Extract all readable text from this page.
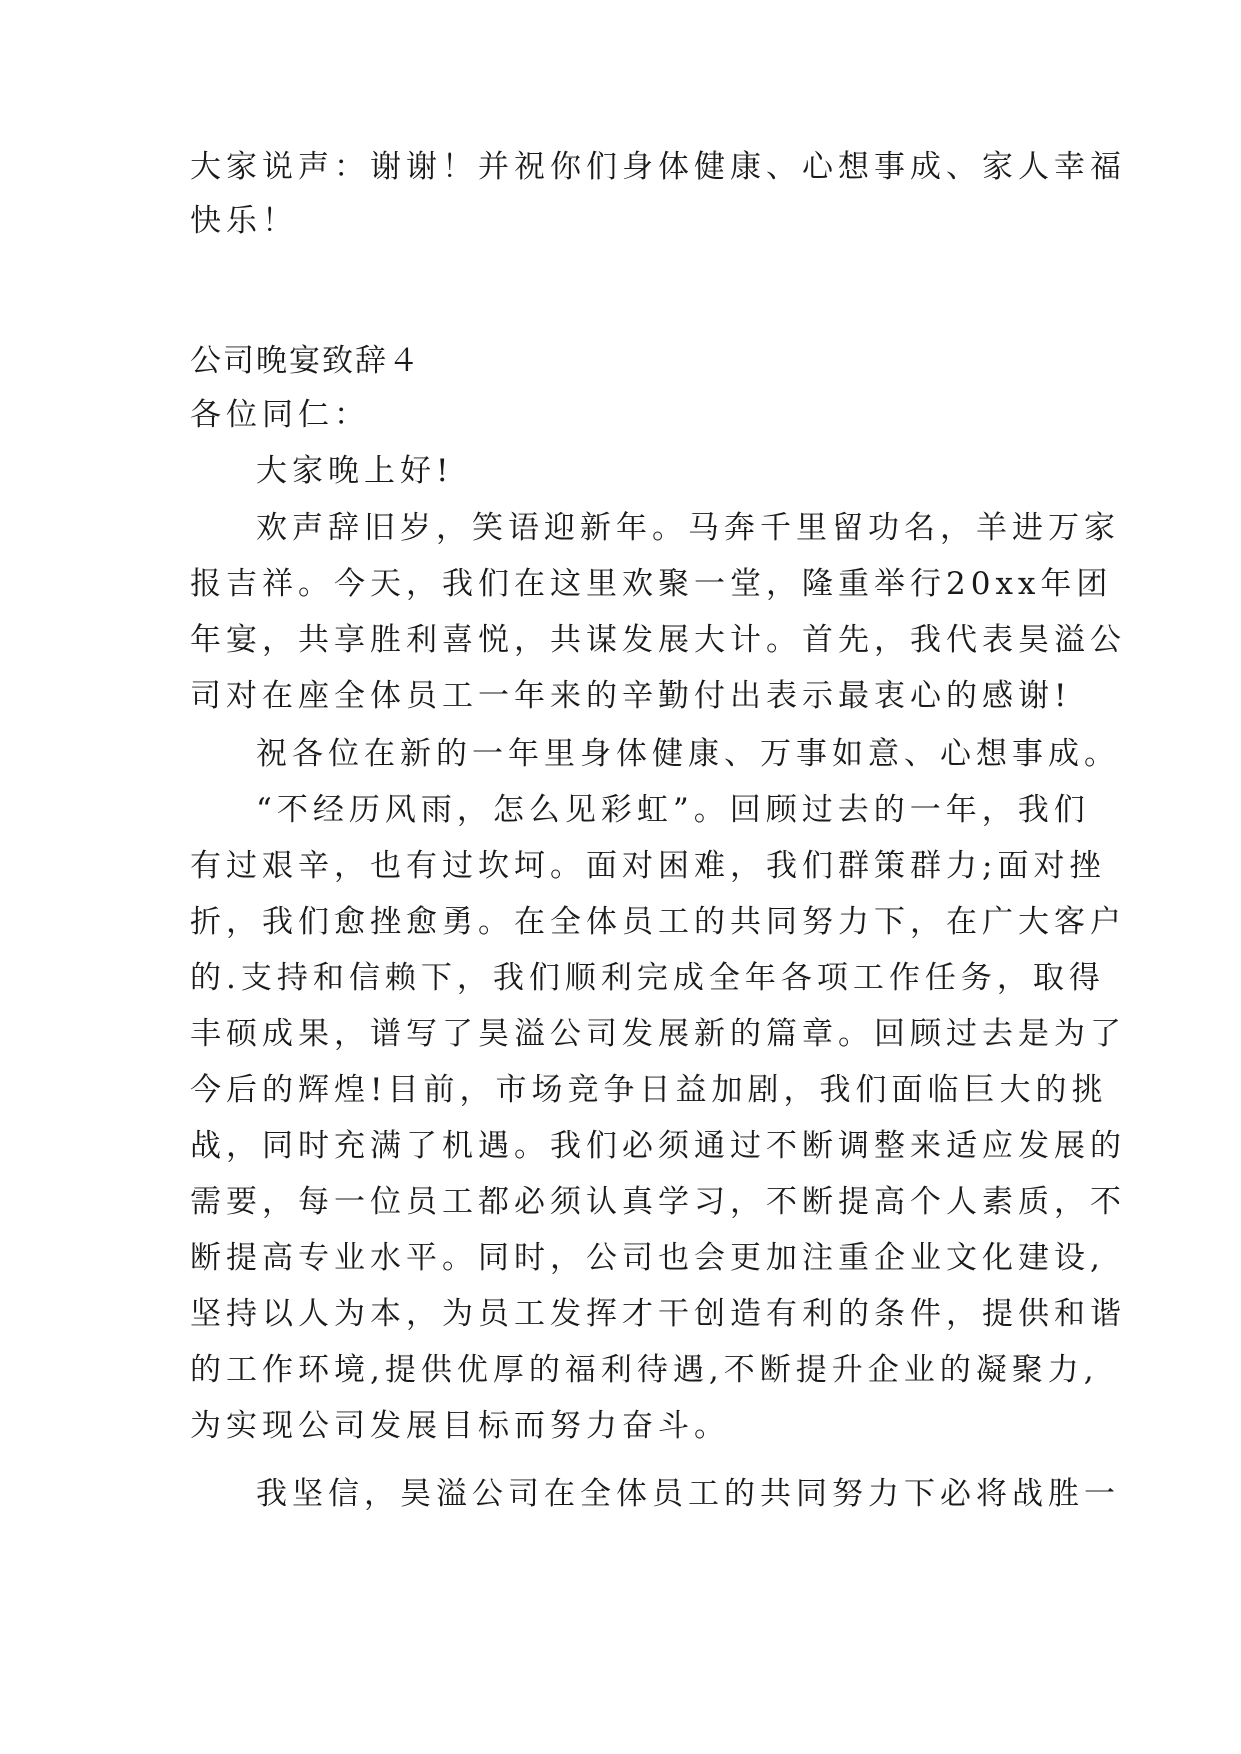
大家说声：谢谢！并祝你们身体健康、心想事成、家人幸福
快乐！
公司晚宴致辞４
各位同仁：
大家晚上好!
欢声辞旧岁，笑语迎新年。马奔千里留功名，羊进万家
报吉祥。今天，我们在这里欢聚一堂，隆重举行20xx年团
年宴，共享胜利喜悦，共谋发展大计。首先，我代表昊溢公
司对在座全体员工一年来的辛勤付出表示最衷心的感谢!
祝各位在新的一年里身体健康、万事如意、心想事成。
“不经历风雨，怎么见彩虹”。回顾过去的一年，我们
有过艰辛，也有过坎坷。面对困难，我们群策群力;面对挫
折，我们愈挫愈勇。在全体员工的共同努力下，在广大客户
的.支持和信赖下，我们顺利完成全年各项工作任务，取得
丰硕成果，谱写了昊溢公司发展新的篇章。回顾过去是为了
今后的辉煌!目前，市场竞争日益加剧，我们面临巨大的挑
战，同时充满了机遇。我们必须通过不断调整来适应发展的
需要，每一位员工都必须认真学习，不断提高个人素质，不
断提高专业水平。同时，公司也会更加注重企业文化建设,
坚持以人为本，为员工发挥才干创造有利的条件，提供和谐
的工作环境,提供优厚的福利待遇,不断提升企业的凝聚力,
为实现公司发展目标而努力奋斗。
我坚信，昊溢公司在全体员工的共同努力下必将战胜一
